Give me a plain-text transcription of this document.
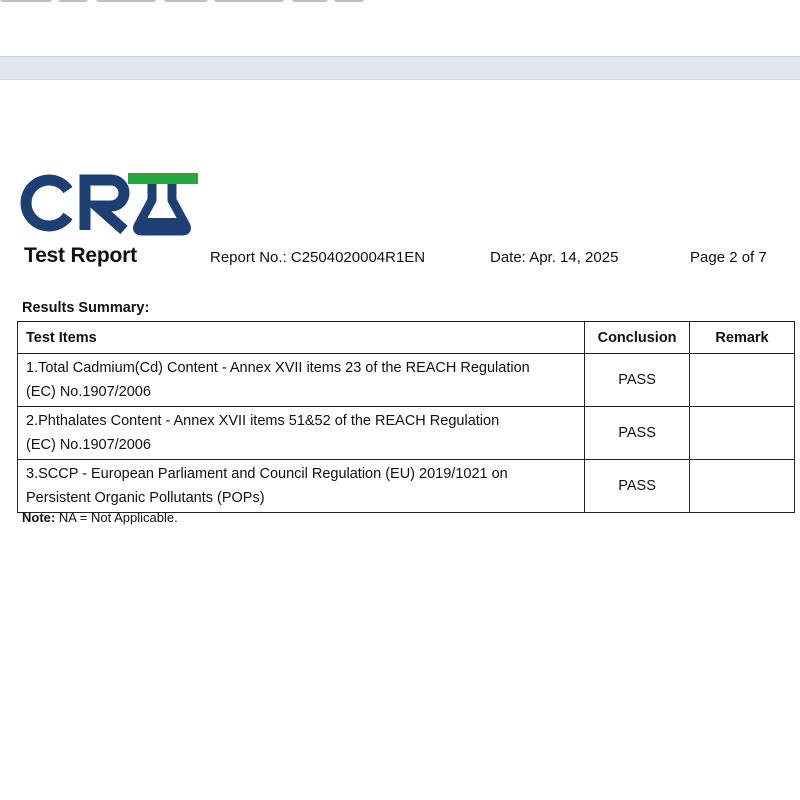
Test Report	Report No.: C2504020004R1EN	Date: Apr. 14, 2025	Page 2 of 7
Results Summary:
Test Items	Conclusion	Remark

1.Total Cadmium(Cd) Content - Annex XVII items 23 of the REACH Regulation
(EC) No.1907/2006	PASS	

2.Phthalates Content - Annex XVII items 51&52 of the REACH Regulation
(EC) No.1907/2006	PASS	

3.SCCP - European Parliament and Council Regulation (EU) 2019/1021 on
Persistent Organic Pollutants (POPs)	PASS	
Note: NA = Not Applicable.
